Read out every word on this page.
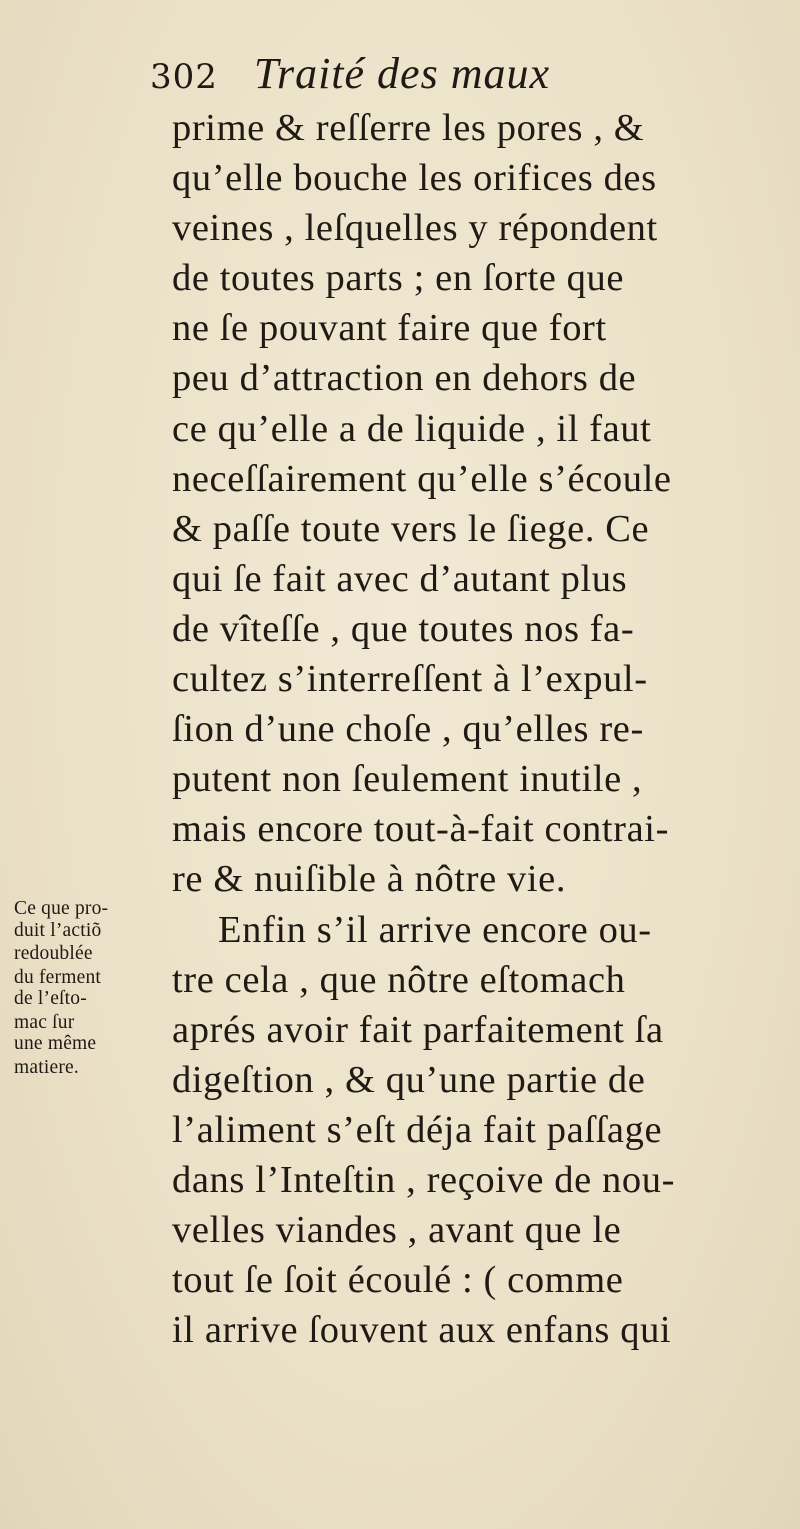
302 Traité des maux
prime & reſſerre les pores , &
qu’elle bouche les orifices des
veines , leſquelles y répondent
de toutes parts ; en ſorte que
ne ſe pouvant faire que fort
peu d’attraction en dehors de
ce qu’elle a de liquide , il faut
neceſſairement qu’elle s’écoule
& paſſe toute vers le ſiege. Ce
qui ſe fait avec d’autant plus
de vîteſſe , que toutes nos fa-
cultez s’interreſſent à l’expul-
ſion d’une choſe , qu’elles re-
putent non ſeulement inutile ,
mais encore tout-à-fait contrai-
re & nuiſible à nôtre vie.
Enfin s’il arrive encore ou-
tre cela , que nôtre eſtomach
aprés avoir fait parfaitement ſa
digeſtion , & qu’une partie de
l’aliment s’eſt déja fait paſſage
dans l’Inteſtin , reçoive de nou-
velles viandes , avant que le
tout ſe ſoit écoulé : ( comme
il arrive ſouvent aux enfans qui
Ce que pro-
duit l’actiõ
redoublée
du ferment
de l’eſto-
mac ſur
une même
matiere.
